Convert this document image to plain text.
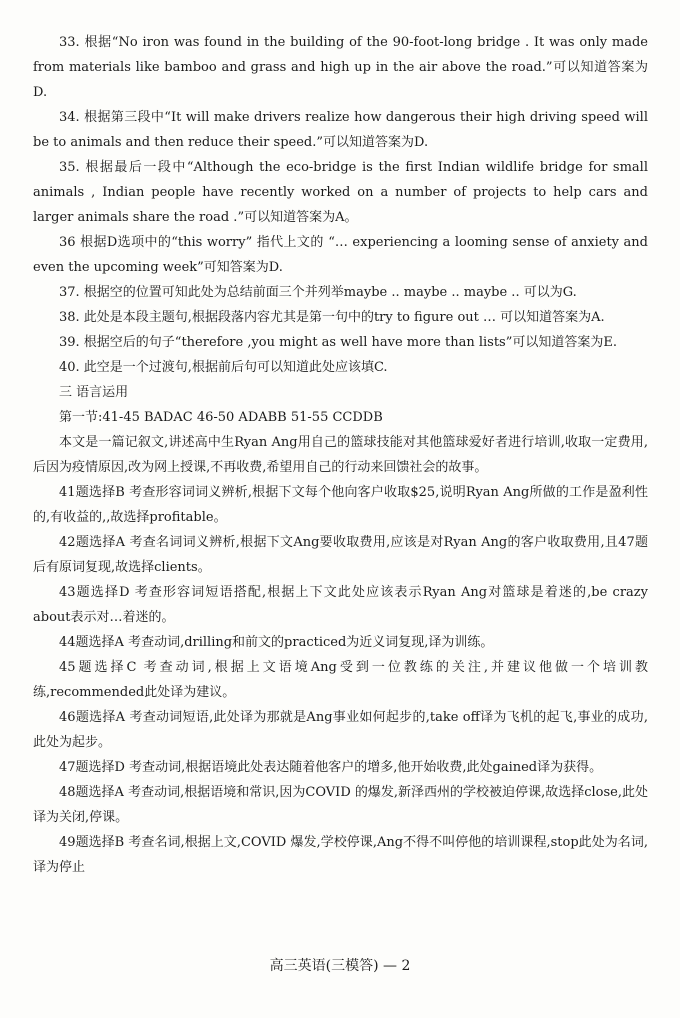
33. 根据“No iron was found in the building of the 90-foot-long bridge . It was only made from materials like bamboo and grass and high up in the air above the road.”可以知道答案为D.

34. 根据第三段中“It will make drivers realize how dangerous their high driving speed will be to animals and then reduce their speed.”可以知道答案为D.

35. 根据最后一段中“Although the eco-bridge is the first Indian wildlife bridge for small animals , Indian people have recently worked on a number of projects to help cars and larger animals share the road .”可以知道答案为A。

36 根据D选项中的“this worry” 指代上文的 “… experiencing a looming sense of anxiety and even the upcoming week”可知答案为D.

37. 根据空的位置可知此处为总结前面三个并列举maybe .. maybe .. maybe .. 可以为G.

38. 此处是本段主题句,根据段落内容尤其是第一句中的try to figure out … 可以知道答案为A.

39. 根据空后的句子“therefore ,you might as well have more than lists”可以知道答案为E.

40. 此空是一个过渡句,根据前后句可以知道此处应该填C.

三 语言运用

第一节:41-45 BADAC 46-50 ADABB 51-55 CCDDB

本文是一篇记叙文,讲述高中生Ryan Ang用自己的篮球技能对其他篮球爱好者进行培训,收取一定费用,后因为疫情原因,改为网上授课,不再收费,希望用自己的行动来回馈社会的故事。

41题选择B 考查形容词词义辨析,根据下文每个他向客户收取$25,说明Ryan Ang所做的工作是盈利性的,有收益的,,故选择profitable。

42题选择A 考查名词词义辨析,根据下文Ang要收取费用,应该是对Ryan Ang的客户收取费用,且47题后有原词复现,故选择clients。

43题选择D 考查形容词短语搭配,根据上下文此处应该表示Ryan Ang对篮球是着迷的,be crazy about表示对…着迷的。

44题选择A 考查动词,drilling和前文的practiced为近义词复现,译为训练。

45题选择C 考查动词,根据上文语境Ang受到一位教练的关注,并建议他做一个培训教练,recommended此处译为建议。

46题选择A 考查动词短语,此处译为那就是Ang事业如何起步的,take off译为飞机的起飞,事业的成功,此处为起步。

47题选择D 考查动词,根据语境此处表达随着他客户的增多,他开始收费,此处gained译为获得。

48题选择A 考查动词,根据语境和常识,因为COVID 的爆发,新泽西州的学校被迫停课,故选择close,此处译为关闭,停课。

49题选择B 考查名词,根据上文,COVID 爆发,学校停课,Ang不得不叫停他的培训课程,stop此处为名词,译为停止

高三英语(三模答) — 2
